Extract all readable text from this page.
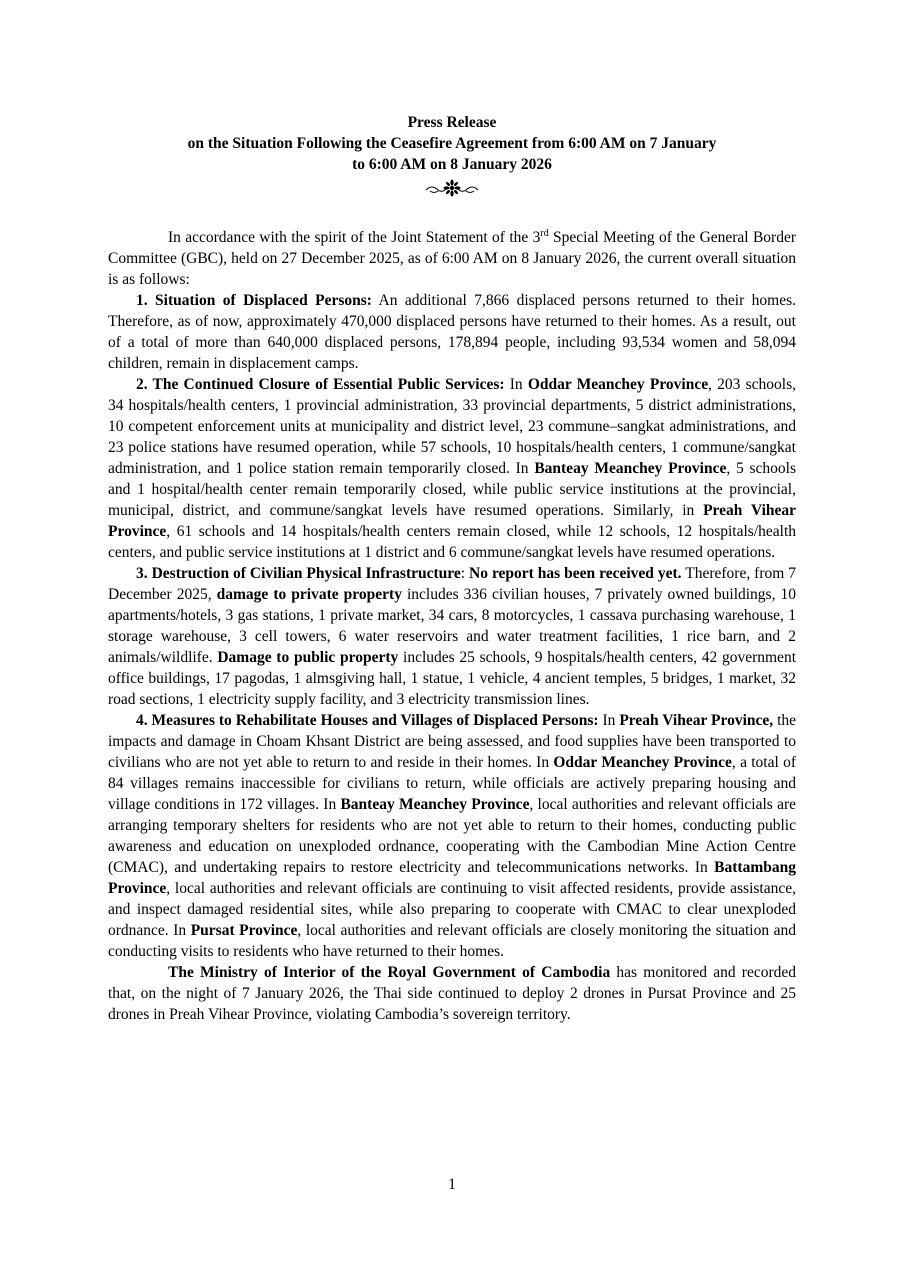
Press Release

on the Situation Following the Ceasefire Agreement from 6:00 AM on 7 January

to 6:00 AM on 8 January 2026

In accordance with the spirit of the Joint Statement of the 3rd Special Meeting of the General Border Committee (GBC), held on 27 December 2025, as of 6:00 AM on 8 January 2026, the current overall situation is as follows:

1. Situation of Displaced Persons: An additional 7,866 displaced persons returned to their homes. Therefore, as of now, approximately 470,000 displaced persons have returned to their homes. As a result, out of a total of more than 640,000 displaced persons, 178,894 people, including 93,534 women and 58,094 children, remain in displacement camps.

2. The Continued Closure of Essential Public Services: In Oddar Meanchey Province, 203 schools, 34 hospitals/health centers, 1 provincial administration, 33 provincial departments, 5 district administrations, 10 competent enforcement units at municipality and district level, 23 commune–sangkat administrations, and 23 police stations have resumed operation, while 57 schools, 10 hospitals/health centers, 1 commune/sangkat administration, and 1 police station remain temporarily closed. In Banteay Meanchey Province, 5 schools and 1 hospital/health center remain temporarily closed, while public service institutions at the provincial, municipal, district, and commune/sangkat levels have resumed operations. Similarly, in Preah Vihear Province, 61 schools and 14 hospitals/health centers remain closed, while 12 schools, 12 hospitals/health centers, and public service institutions at 1 district and 6 commune/sangkat levels have resumed operations.

3. Destruction of Civilian Physical Infrastructure: No report has been received yet. Therefore, from 7 December 2025, damage to private property includes 336 civilian houses, 7 privately owned buildings, 10 apartments/hotels, 3 gas stations, 1 private market, 34 cars, 8 motorcycles, 1 cassava purchasing warehouse, 1 storage warehouse, 3 cell towers, 6 water reservoirs and water treatment facilities, 1 rice barn, and 2 animals/wildlife. Damage to public property includes 25 schools, 9 hospitals/health centers, 42 government office buildings, 17 pagodas, 1 almsgiving hall, 1 statue, 1 vehicle, 4 ancient temples, 5 bridges, 1 market, 32 road sections, 1 electricity supply facility, and 3 electricity transmission lines.

4. Measures to Rehabilitate Houses and Villages of Displaced Persons: In Preah Vihear Province, the impacts and damage in Choam Khsant District are being assessed, and food supplies have been transported to civilians who are not yet able to return to and reside in their homes. In Oddar Meanchey Province, a total of 84 villages remains inaccessible for civilians to return, while officials are actively preparing housing and village conditions in 172 villages. In Banteay Meanchey Province, local authorities and relevant officials are arranging temporary shelters for residents who are not yet able to return to their homes, conducting public awareness and education on unexploded ordnance, cooperating with the Cambodian Mine Action Centre (CMAC), and undertaking repairs to restore electricity and telecommunications networks. In Battambang Province, local authorities and relevant officials are continuing to visit affected residents, provide assistance, and inspect damaged residential sites, while also preparing to cooperate with CMAC to clear unexploded ordnance. In Pursat Province, local authorities and relevant officials are closely monitoring the situation and conducting visits to residents who have returned to their homes.

The Ministry of Interior of the Royal Government of Cambodia has monitored and recorded that, on the night of 7 January 2026, the Thai side continued to deploy 2 drones in Pursat Province and 25 drones in Preah Vihear Province, violating Cambodia’s sovereign territory.

1
